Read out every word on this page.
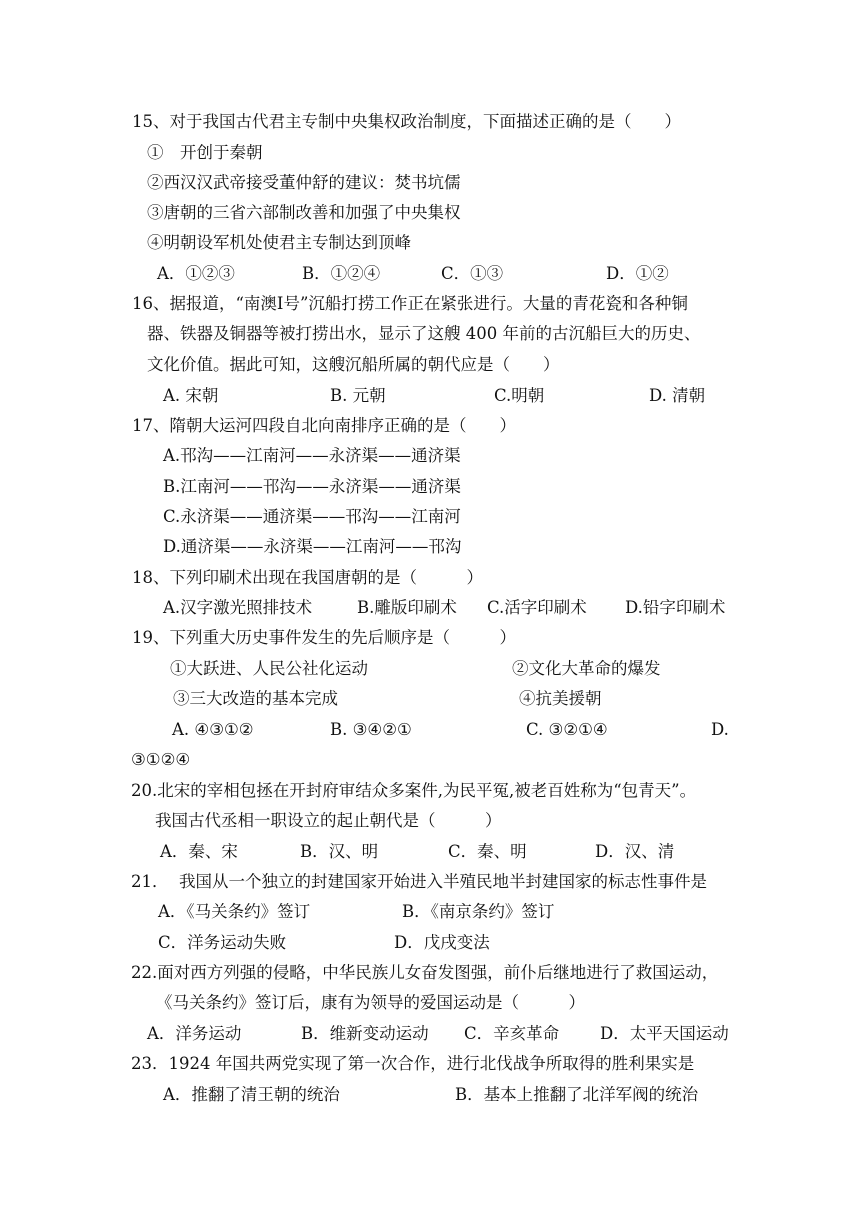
15、对于我国古代君主专制中央集权政治制度，下面描述正确的是（　　）
①　开创于秦朝
②西汉汉武帝接受董仲舒的建议：焚书坑儒
③唐朝的三省六部制改善和加强了中央集权
④明朝设军机处使君主专制达到顶峰
A．①②③	B．①②④	C．①③	D．①②
16、据报道，“南澳Ⅰ号”沉船打捞工作正在紧张进行。大量的青花瓷和各种铜
器、铁器及铜器等被打捞出水，显示了这艘 400 年前的古沉船巨大的历史、
文化价值。据此可知，这艘沉船所属的朝代应是（　　）
A. 宋朝	B. 元朝	C.明朝	D. 清朝
17、隋朝大运河四段自北向南排序正确的是（　　）
A.邗沟——江南河——永济渠——通济渠
B.江南河——邗沟——永济渠——通济渠
C.永济渠——通济渠——邗沟——江南河
D.通济渠——永济渠——江南河——邗沟
18、下列印刷术出现在我国唐朝的是（　　　）
A.汉字激光照排技术	B.雕版印刷术 C.活字印刷术 D.铅字印刷术
19、下列重大历史事件发生的先后顺序是（　　　）
①大跃进、人民公社化运动	②文化大革命的爆发
③三大改造的基本完成	④抗美援朝
A. ④③①②	B. ③④②①	C. ③②①④	D.
③①②④
20.北宋的宰相包拯在开封府审结众多案件,为民平冤,被老百姓称为“包青天”。
我国古代丞相一职设立的起止朝代是（　　　）
A．秦、宋	B．汉、明	C．秦、明	D．汉、清
21．  我国从一个独立的封建国家开始进入半殖民地半封建国家的标志性事件是
A．《马关条约》签订	B．《南京条约》签订
C．洋务运动失败	D．戊戌变法
22.面对西方列强的侵略，中华民族儿女奋发图强，前仆后继地进行了救国运动，
《马关条约》签订后，康有为领导的爱国运动是（　　　）
A．洋务运动	B．维新变动运动 C．辛亥革命 D．太平天国运动
23．1924 年国共两党实现了第一次合作，进行北伐战争所取得的胜利果实是
A．推翻了清王朝的统治	B．基本上推翻了北洋军阀的统治
